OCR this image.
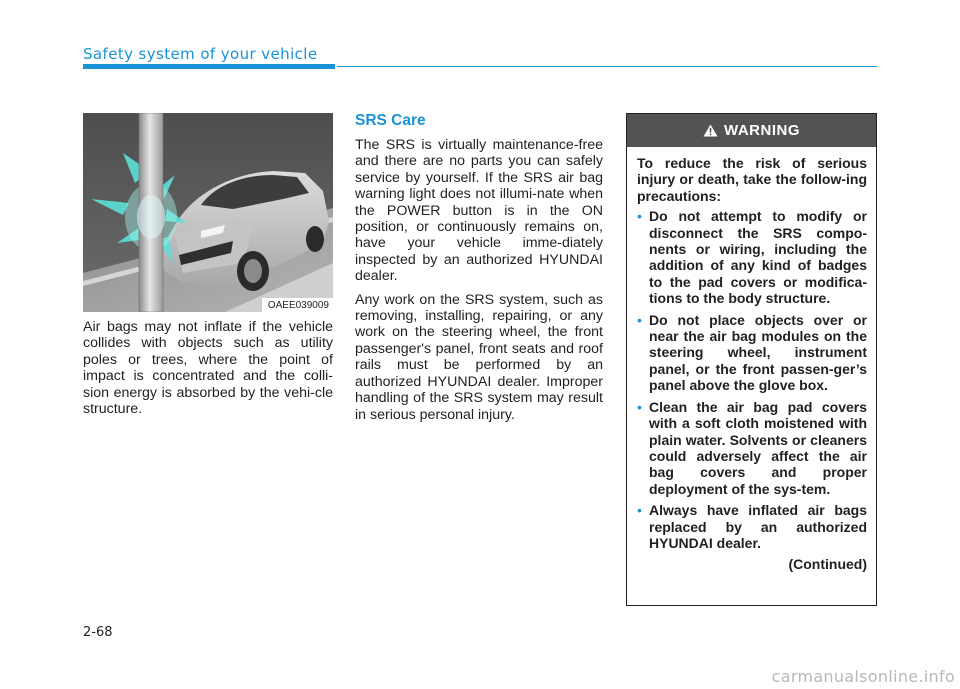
Safety system of your vehicle
OAEE039009

Air bags may not inflate if the vehicle collides with objects such as utility poles or trees, where the point of impact is concentrated and the colli-sion energy is absorbed by the vehi-cle structure.

SRS Care

The SRS is virtually maintenance-free and there are no parts you can safely service by yourself. If the SRS air bag warning light does not illumi-nate when the POWER button is in the ON position, or continuously remains on, have your vehicle imme-diately inspected by an authorized HYUNDAI dealer.

Any work on the SRS system, such as removing, installing, repairing, or any work on the steering wheel, the front passenger's panel, front seats and roof rails must be performed by an authorized HYUNDAI dealer. Improper handling of the SRS system may result in serious personal injury.

WARNING

To reduce the risk of serious injury or death, take the follow-ing precautions:

• Do not attempt to modify or disconnect the SRS compo-nents or wiring, including the addition of any kind of badges to the pad covers or modifica-tions to the body structure.

• Do not place objects over or near the air bag modules on the steering wheel, instrument panel, or the front passen-ger’s panel above the glove box.

• Clean the air bag pad covers with a soft cloth moistened with plain water. Solvents or cleaners could adversely affect the air bag covers and proper deployment of the sys-tem.

• Always have inflated air bags replaced by an authorized HYUNDAI dealer.

(Continued)
2-68
carmanualsonline.info
